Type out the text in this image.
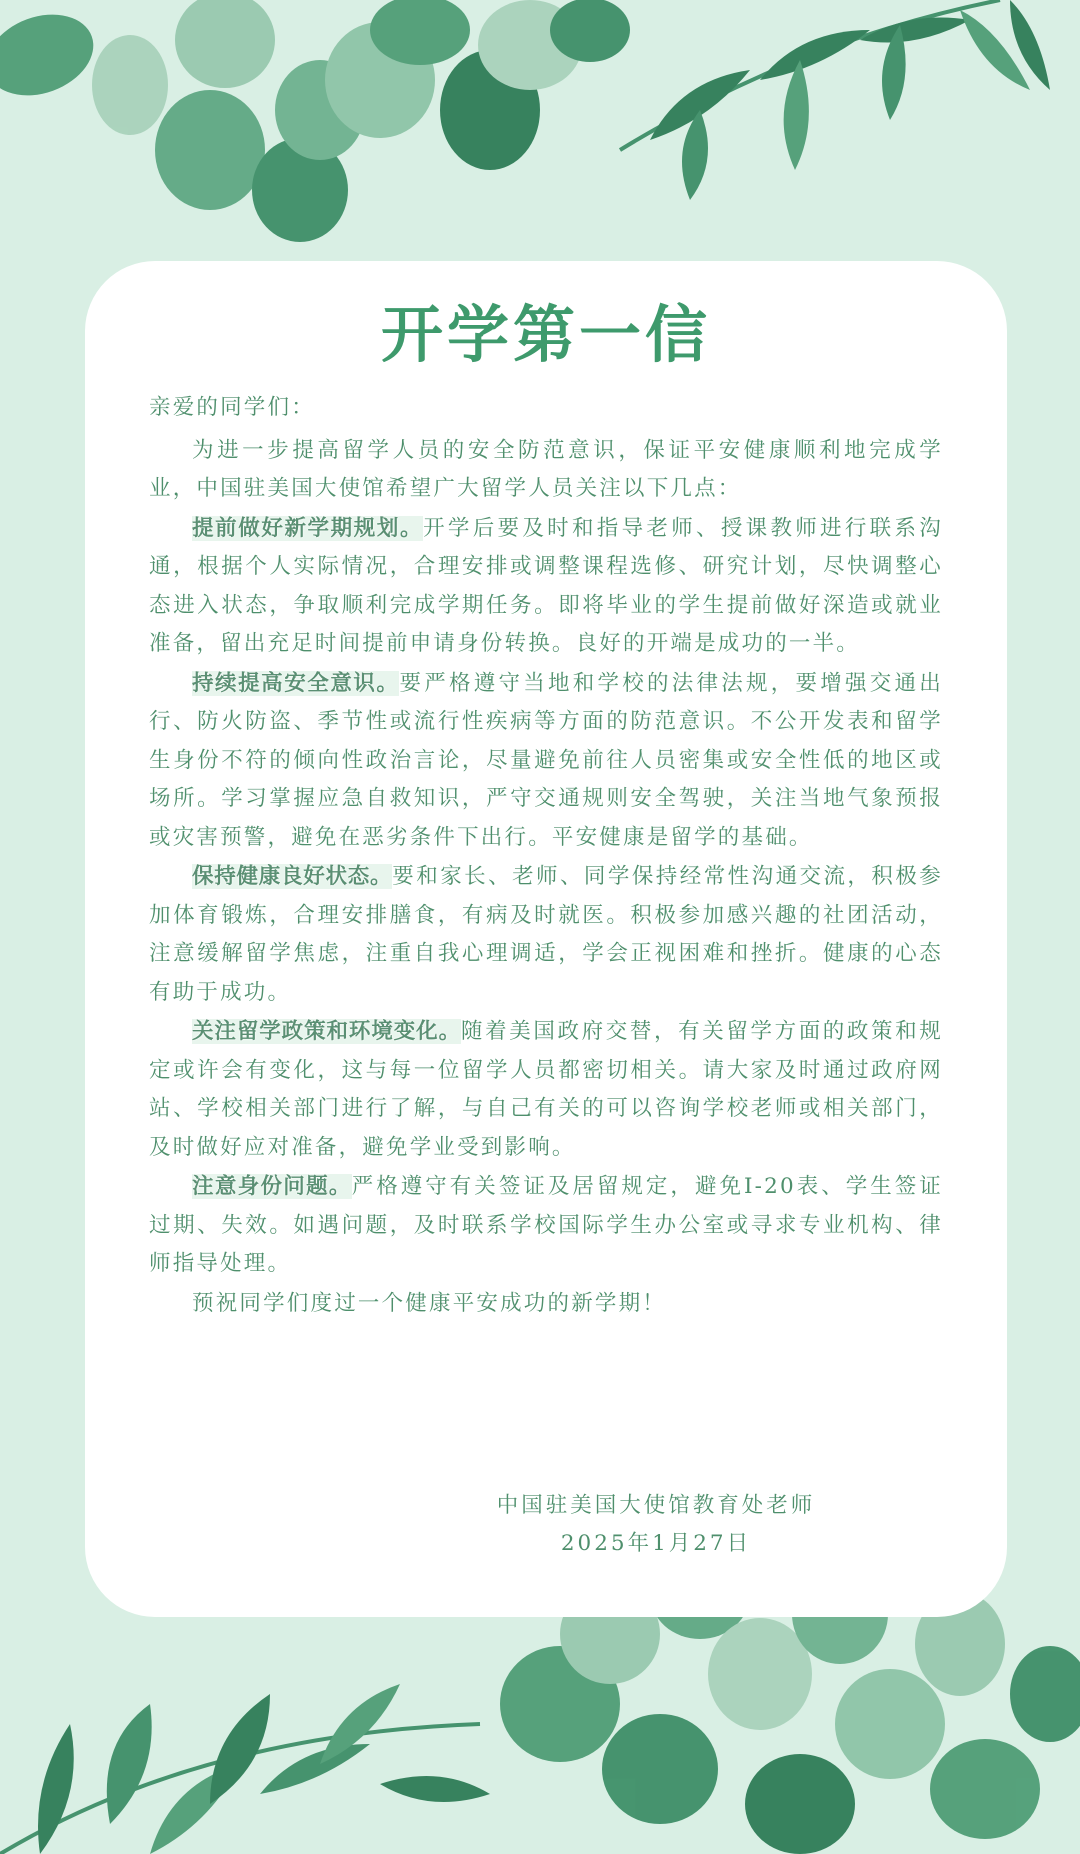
开学第一信

亲爱的同学们：

为进一步提高留学人员的安全防范意识，保证平安健康顺利地完成学业，中国驻美国大使馆希望广大留学人员关注以下几点：

提前做好新学期规划。开学后要及时和指导老师、授课教师进行联系沟通，根据个人实际情况，合理安排或调整课程选修、研究计划，尽快调整心态进入状态，争取顺利完成学期任务。即将毕业的学生提前做好深造或就业准备，留出充足时间提前申请身份转换。良好的开端是成功的一半。

持续提高安全意识。要严格遵守当地和学校的法律法规，要增强交通出行、防火防盗、季节性或流行性疾病等方面的防范意识。不公开发表和留学生身份不符的倾向性政治言论，尽量避免前往人员密集或安全性低的地区或场所。学习掌握应急自救知识，严守交通规则安全驾驶，关注当地气象预报或灾害预警，避免在恶劣条件下出行。平安健康是留学的基础。

保持健康良好状态。要和家长、老师、同学保持经常性沟通交流，积极参加体育锻炼，合理安排膳食，有病及时就医。积极参加感兴趣的社团活动，注意缓解留学焦虑，注重自我心理调适，学会正视困难和挫折。健康的心态有助于成功。

关注留学政策和环境变化。随着美国政府交替，有关留学方面的政策和规定或许会有变化，这与每一位留学人员都密切相关。请大家及时通过政府网站、学校相关部门进行了解，与自己有关的可以咨询学校老师或相关部门，及时做好应对准备，避免学业受到影响。

注意身份问题。严格遵守有关签证及居留规定，避免I-20表、学生签证过期、失效。如遇问题，及时联系学校国际学生办公室或寻求专业机构、律师指导处理。

预祝同学们度过一个健康平安成功的新学期！

中国驻美国大使馆教育处老师
2025年1月27日
